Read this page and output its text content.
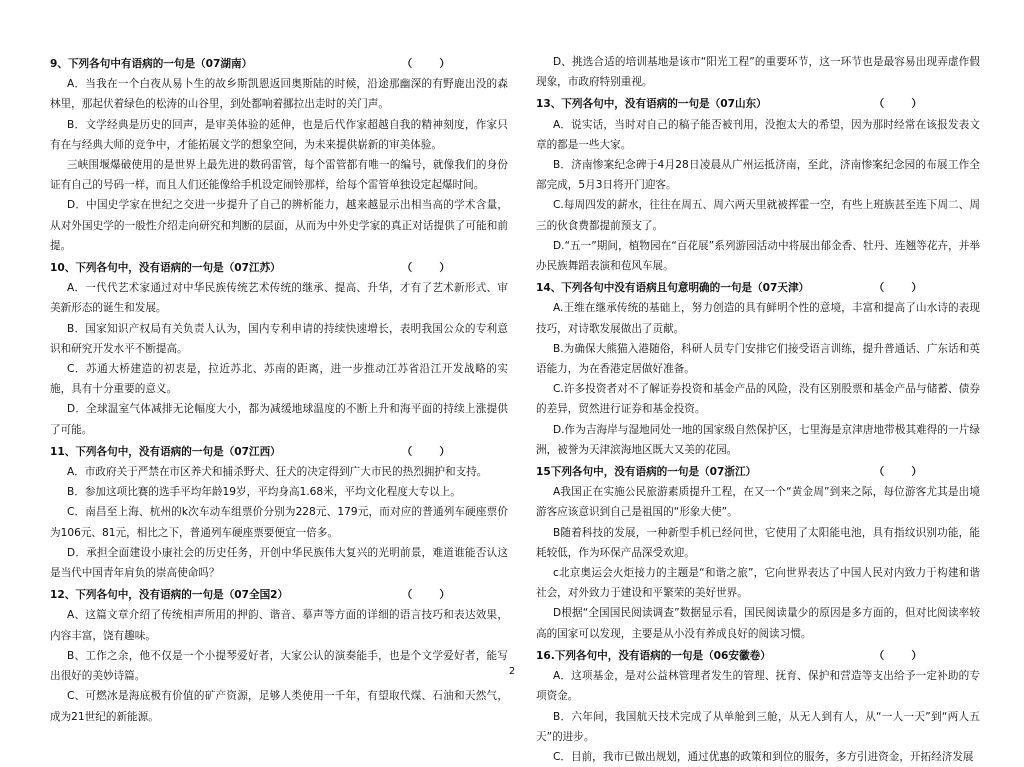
9、下列各句中有语病的一句是（07湖南）	（　　）
A．当我在一个白夜从易卜生的故乡斯凯恩返回奥斯陆的时候，沿途那幽深的有野鹿出没的森林里，那起伏着绿色的松涛的山谷里，到处都响着挪拉出走时的关门声。
B．文学经典是历史的回声，是审美体验的延伸，也是后代作家超越自我的精神刻度，作家只有在与经典大师的竞争中，才能拓展文学的想象空间，为未来提供崭新的审美体验。
三峡围堰爆破使用的是世界上最先进的数码雷管，每个雷管都有唯一的编号，就像我们的身份证有自己的号码一样，而且人们还能像给手机设定闹铃那样，给每个雷管单独设定起爆时间。
D．中国史学家在世纪之交进一步提升了自己的辨析能力，越来越显示出相当高的学术含量，从对外国史学的一般性介绍走向研究和判断的层面，从而为中外史学家的真正对话提供了可能和前提。
10、下列各句中，没有语病的一句是（07江苏）	（　　）
A．一代代艺术家通过对中华民族传统艺术传统的继承、提高、升华，才有了艺术新形式、审美新形态的诞生和发展。
B．国家知识产权局有关负责人认为，国内专利申请的持续快速增长，表明我国公众的专利意识和研究开发水平不断提高。
C．苏通大桥建造的初衷是，拉近苏北、苏南的距离，进一步推动江苏省沿江开发战略的实施，具有十分重要的意义。
D．全球温室气体减排无论幅度大小，都为减缓地球温度的不断上升和海平面的持续上涨提供了可能。
11、下列各句中，没有语病的一句是（07江西）	（　　）
A．市政府关于严禁在市区养犬和捕杀野犬、狂犬的决定得到广大市民的热烈拥护和支持。
B．参加这项比赛的选手平均年龄19岁，平均身高1.68米，平均文化程度大专以上。
C．南昌至上海、杭州的k次车动车组票价分别为228元、179元，而对应的普通列车硬座票价为106元、81元，相比之下，普通列车硬座票要便宜一倍多。
D．承担全面建设小康社会的历史任务，开创中华民族伟大复兴的光明前景，难道谁能否认这是当代中国青年肩负的崇高使命吗？
12、下列各句中，没有语病的一句是（07全国2）	（　　）
A、这篇文章介绍了传统相声所用的押韵、谐音、摹声等方面的详细的语言技巧和表达效果，内容丰富，饶有趣味。
B、工作之余，他不仅是一个小提琴爱好者，大家公认的演奏能手，也是个文学爱好者，能写出很好的美妙诗篇。
C、可燃冰是海底极有价值的矿产资源，足够人类使用一千年，有望取代煤、石油和天然气，成为21世纪的新能源。
D、挑选合适的培训基地是该市“阳光工程”的重要环节，这一环节也是最容易出现弄虚作假现象，市政府特别重视。
13、下列各句中，没有语病的一句是（07山东）	（　　）
A．说实话，当时对自己的稿子能否被刊用，没抱太大的希望，因为那时经常在该报发表文章的都是一些大家。
B．济南惨案纪念碑于4月28日凌晨从广州运抵济南，至此，济南惨案纪念园的布展工作全部完成，5月3日将开门迎客。
C.每周四发的薪水，往往在周五、周六两天里就被挥霍一空，有些上班族甚至连下周二、周三的伙食费都提前预支了。
D.“五一”期间，植物园在“百花展”系列游园活动中将展出郁金香、牡丹、连翘等花卉，并举办民族舞蹈表演和苞风车展。
14、下列各句中没有语病且句意明确的一句是（07天津）	（　　）
A.王维在继承传统的基础上，努力创造的具有鲜明个性的意境，丰富和提高了山水诗的表现技巧，对诗歌发展做出了贡献。
B.为确保大熊猫入港随俗，科研人员专门安排它们接受语言训练，提升普通话、广东话和英语能力，为在香港定居做好准备。
C.许多投资者对不了解证券投资和基金产品的风险，没有区别股票和基金产品与储蓄、债券的差异，贸然进行证券和基金投资。
D.作为吉海岸与湿地同处一地的国家级自然保护区，七里海是京津唐地带极其难得的一片绿洲，被誉为天津滨海地区既大又美的花园。
15下列各句中，没有语病的一句是（07浙江）	（　　）
A我国正在实施公民旅游素质提升工程，在又一个“黄金周”到来之际，每位游客尤其是出境游客应该意识到自己是祖国的“形象大使”。
B随着科技的发展，一种新型手机已经问世，它使用了太阳能电池，具有指纹识别功能，能耗较低，作为环保产品深受欢迎。
c北京奥运会火炬接力的主题是“和谐之旅”，它向世界表达了中国人民对内致力于构建和谐社会，对外致力于建设和平繁荣的美好世界。
D根据“全国国民阅读调查”数据显示看，国民阅读量少的原因是多方面的，但对比阅读率较高的国家可以发现，主要是从小没有养成良好的阅读习惯。
16.下列各句中，没有语病的一句是（06安徽卷）	（　　）
A．这项基金，是对公益林管理者发生的管理、抚育、保护和营造等支出给予一定补助的专项资金。
B．六年间，我国航天技术完成了从单舱到三舱，从无人到有人，从“一人一天”到“两人五天”的进步。
C．目前，我市已做出规划，通过优惠的政策和到位的服务，多方引进资金，开拓经济发展
2
